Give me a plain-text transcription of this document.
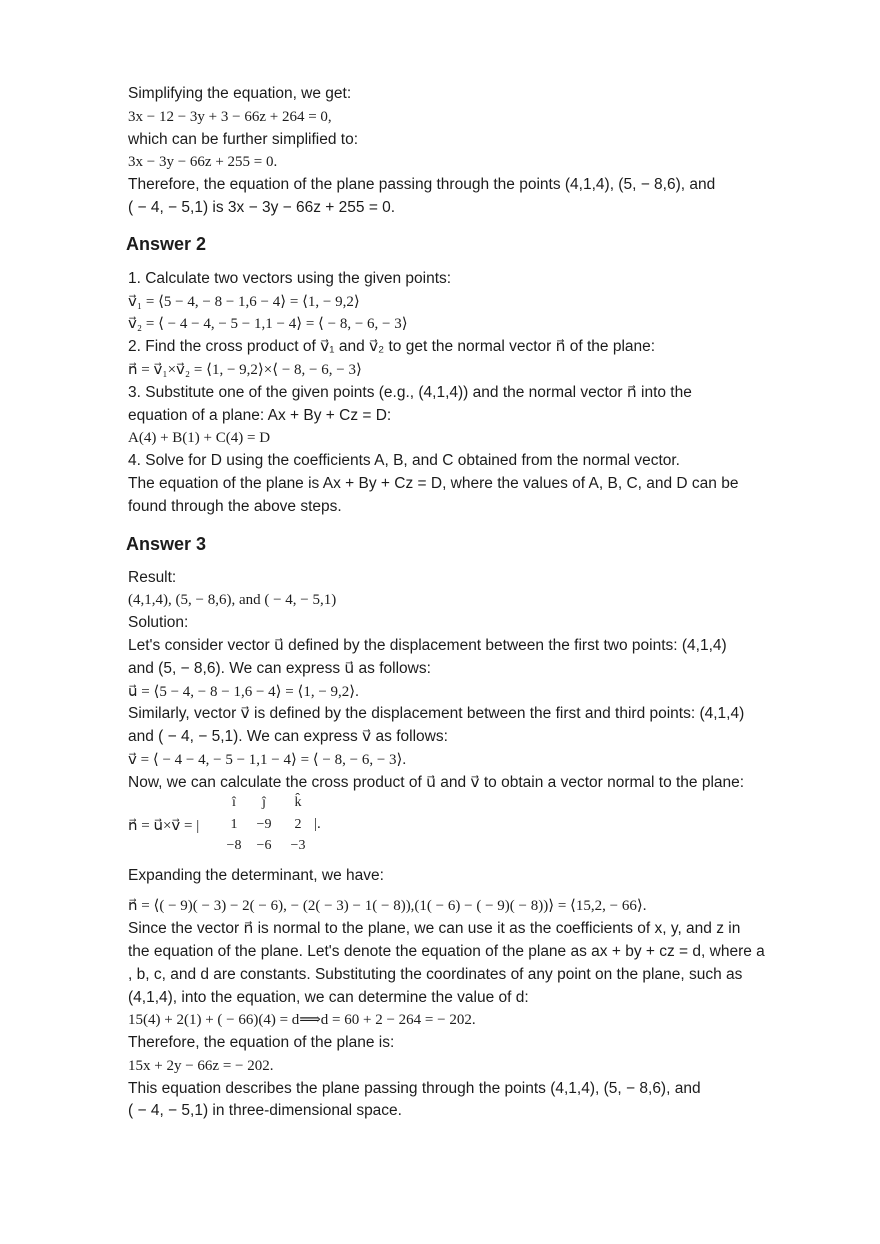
Simplifying the equation, we get:
3x − 12 − 3y + 3 − 66z + 264 = 0,
which can be further simplified to:
3x − 3y − 66z + 255 = 0.
Therefore, the equation of the plane passing through the points (4,1,4), (5, − 8,6), and
( − 4, − 5,1) is 3x − 3y − 66z + 255 = 0.
Answer 2
1. Calculate two vectors using the given points:
v⃗₁ = ⟨5 − 4, − 8 − 1,6 − 4⟩ = ⟨1, − 9,2⟩
v⃗₂ = ⟨ − 4 − 4, − 5 − 1,1 − 4⟩ = ⟨ − 8, − 6, − 3⟩
2. Find the cross product of v⃗₁ and v⃗₂ to get the normal vector n⃗ of the plane:
n⃗ = v⃗₁×v⃗₂ = ⟨1, − 9,2⟩×⟨ − 8, − 6, − 3⟩
3. Substitute one of the given points (e.g., (4,1,4)) and the normal vector n⃗ into the
equation of a plane: Ax + By + Cz = D:
A(4) + B(1) + C(4) = D
4. Solve for D using the coefficients A, B, and C obtained from the normal vector.
The equation of the plane is Ax + By + Cz = D, where the values of A, B, C, and D can be
found through the above steps.
Answer 3
Result:
(4,1,4), (5, − 8,6), and ( − 4, − 5,1)
Solution:
Let's consider vector u⃗ defined by the displacement between the first two points: (4,1,4)
and (5, − 8,6). We can express u⃗ as follows:
u⃗ = ⟨5 − 4, − 8 − 1,6 − 4⟩ = ⟨1, − 9,2⟩.
Similarly, vector v⃗ is defined by the displacement between the first and third points: (4,1,4)
and ( − 4, − 5,1). We can express v⃗ as follows:
v⃗ = ⟨ − 4 − 4, − 5 − 1,1 − 4⟩ = ⟨ − 8, − 6, − 3⟩.
Now, we can calculate the cross product of u⃗ and v⃗ to obtain a vector normal to the plane:
n⃗ = u⃗×v⃗ = |
î	ĵ	k̂
1	−9	2
−8	−6	−3
|.
Expanding the determinant, we have:
n⃗ = ⟨( − 9)( − 3) − 2( − 6), − (2( − 3) − 1( − 8)),(1( − 6) − ( − 9)( − 8))⟩ = ⟨15,2, − 66⟩.
Since the vector n⃗ is normal to the plane, we can use it as the coefficients of x, y, and z in
the equation of the plane. Let's denote the equation of the plane as ax + by + cz = d, where a
, b, c, and d are constants. Substituting the coordinates of any point on the plane, such as
(4,1,4), into the equation, we can determine the value of d:
15(4) + 2(1) + ( − 66)(4) = d⟹d = 60 + 2 − 264 = − 202.
Therefore, the equation of the plane is:
15x + 2y − 66z = − 202.
This equation describes the plane passing through the points (4,1,4), (5, − 8,6), and
( − 4, − 5,1) in three-dimensional space.
